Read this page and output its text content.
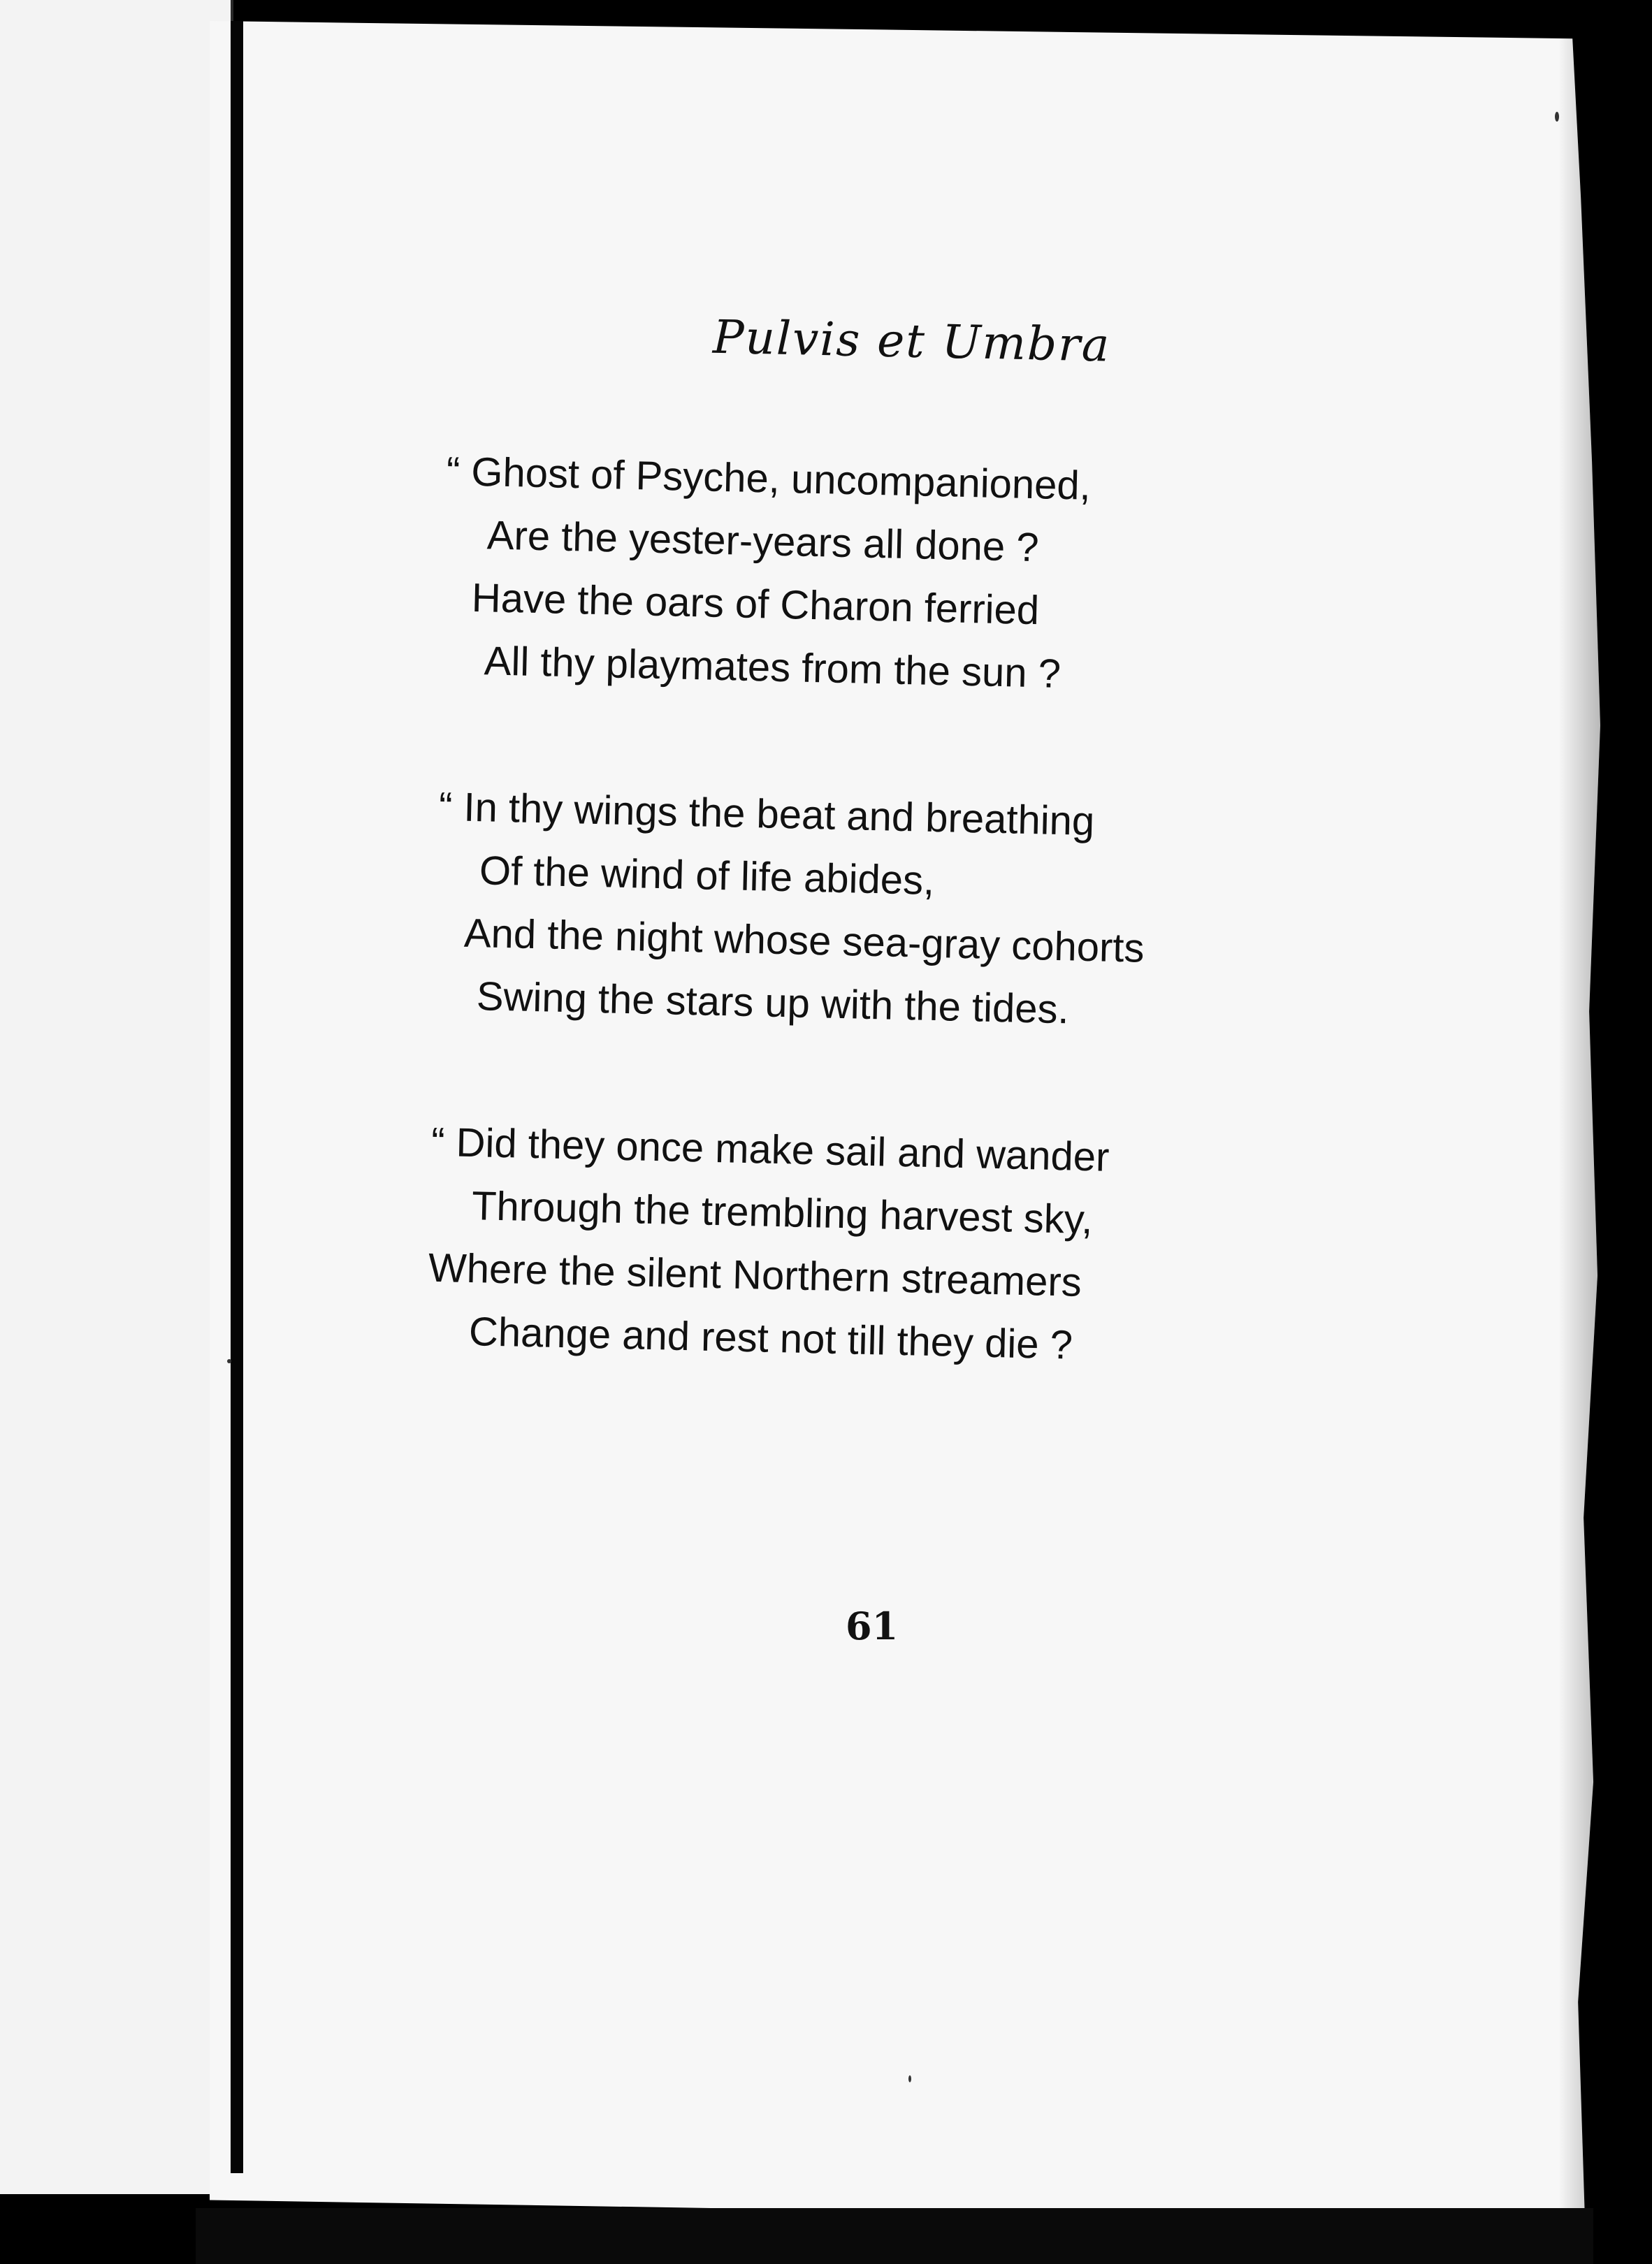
Pulvis et Umbra
“ Ghost of Psyche, uncompanioned,
Are the yester-years all done ?
Have the oars of Charon ferried
All thy playmates from the sun ?
“ In thy wings the beat and breathing
Of the wind of life abides,
And the night whose sea-gray cohorts
Swing the stars up with the tides.
“ Did they once make sail and wander
Through the trembling harvest sky,
Where the silent Northern streamers
Change and rest not till they die ?
61
